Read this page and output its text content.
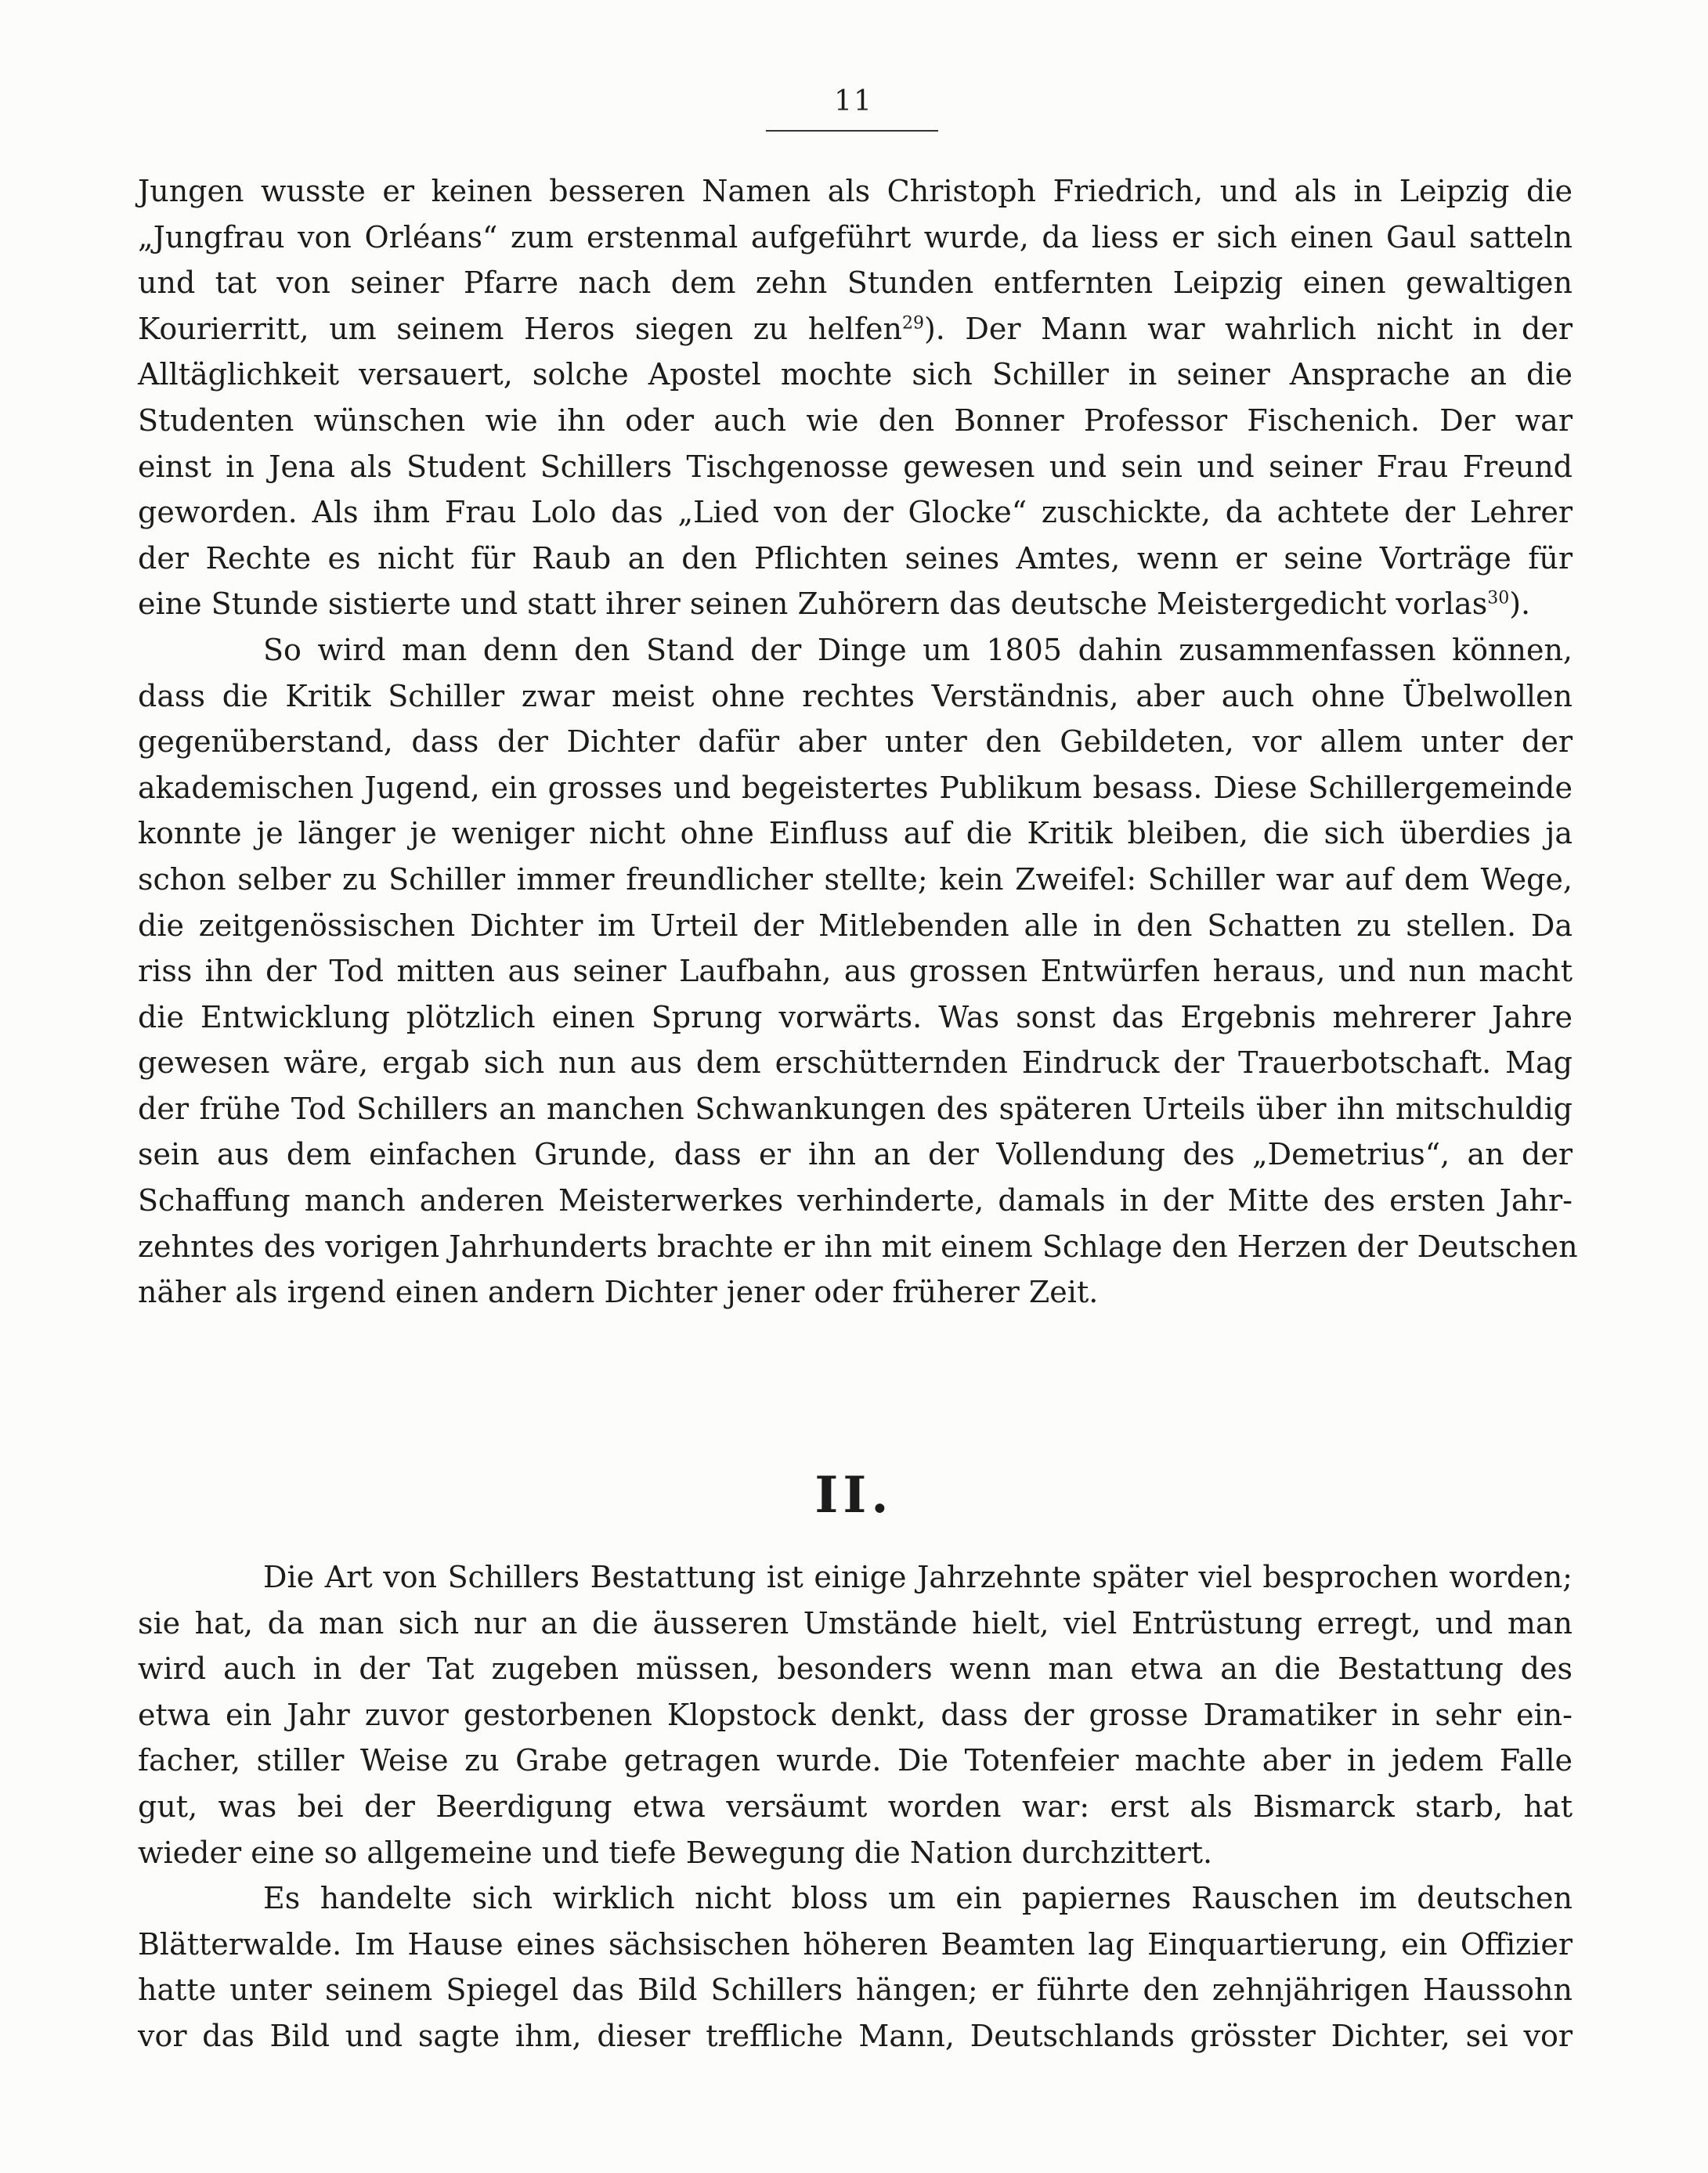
11
Jungen wusste er keinen besseren Namen als Christoph Friedrich, und als in Leipzig die
„Jungfrau von Orléans“ zum erstenmal aufgeführt wurde, da liess er sich einen Gaul satteln
und tat von seiner Pfarre nach dem zehn Stunden entfernten Leipzig einen gewaltigen
Kourierritt, um seinem Heros siegen zu helfen$^{29}$). Der Mann war wahrlich nicht in der
Alltäglichkeit versauert, solche Apostel mochte sich Schiller in seiner Ansprache an die
Studenten wünschen wie ihn oder auch wie den Bonner Professor Fischenich. Der war
einst in Jena als Student Schillers Tischgenosse gewesen und sein und seiner Frau Freund
geworden. Als ihm Frau Lolo das „Lied von der Glocke“ zuschickte, da achtete der Lehrer
der Rechte es nicht für Raub an den Pflichten seines Amtes, wenn er seine Vorträge für
eine Stunde sistierte und statt ihrer seinen Zuhörern das deutsche Meistergedicht vorlas$^{30}$).
So wird man denn den Stand der Dinge um 1805 dahin zusammenfassen können,
dass die Kritik Schiller zwar meist ohne rechtes Verständnis, aber auch ohne Übelwollen
gegenüberstand, dass der Dichter dafür aber unter den Gebildeten, vor allem unter der
akademischen Jugend, ein grosses und begeistertes Publikum besass. Diese Schillergemeinde
konnte je länger je weniger nicht ohne Einfluss auf die Kritik bleiben, die sich überdies ja
schon selber zu Schiller immer freundlicher stellte; kein Zweifel: Schiller war auf dem Wege,
die zeitgenössischen Dichter im Urteil der Mitlebenden alle in den Schatten zu stellen. Da
riss ihn der Tod mitten aus seiner Laufbahn, aus grossen Entwürfen heraus, und nun macht
die Entwicklung plötzlich einen Sprung vorwärts. Was sonst das Ergebnis mehrerer Jahre
gewesen wäre, ergab sich nun aus dem erschütternden Eindruck der Trauerbotschaft. Mag
der frühe Tod Schillers an manchen Schwankungen des späteren Urteils über ihn mitschuldig
sein aus dem einfachen Grunde, dass er ihn an der Vollendung des „Demetrius“, an der
Schaffung manch anderen Meisterwerkes verhinderte, damals in der Mitte des ersten Jahr-
zehntes des vorigen Jahrhunderts brachte er ihn mit einem Schlage den Herzen der Deutschen
näher als irgend einen andern Dichter jener oder früherer Zeit.
II.
Die Art von Schillers Bestattung ist einige Jahrzehnte später viel besprochen worden;
sie hat, da man sich nur an die äusseren Umstände hielt, viel Entrüstung erregt, und man
wird auch in der Tat zugeben müssen, besonders wenn man etwa an die Bestattung des
etwa ein Jahr zuvor gestorbenen Klopstock denkt, dass der grosse Dramatiker in sehr ein-
facher, stiller Weise zu Grabe getragen wurde. Die Totenfeier machte aber in jedem Falle
gut, was bei der Beerdigung etwa versäumt worden war: erst als Bismarck starb, hat
wieder eine so allgemeine und tiefe Bewegung die Nation durchzittert.
Es handelte sich wirklich nicht bloss um ein papiernes Rauschen im deutschen
Blätterwalde. Im Hause eines sächsischen höheren Beamten lag Einquartierung, ein Offizier
hatte unter seinem Spiegel das Bild Schillers hängen; er führte den zehnjährigen Haussohn
vor das Bild und sagte ihm, dieser treffliche Mann, Deutschlands grösster Dichter, sei vor
